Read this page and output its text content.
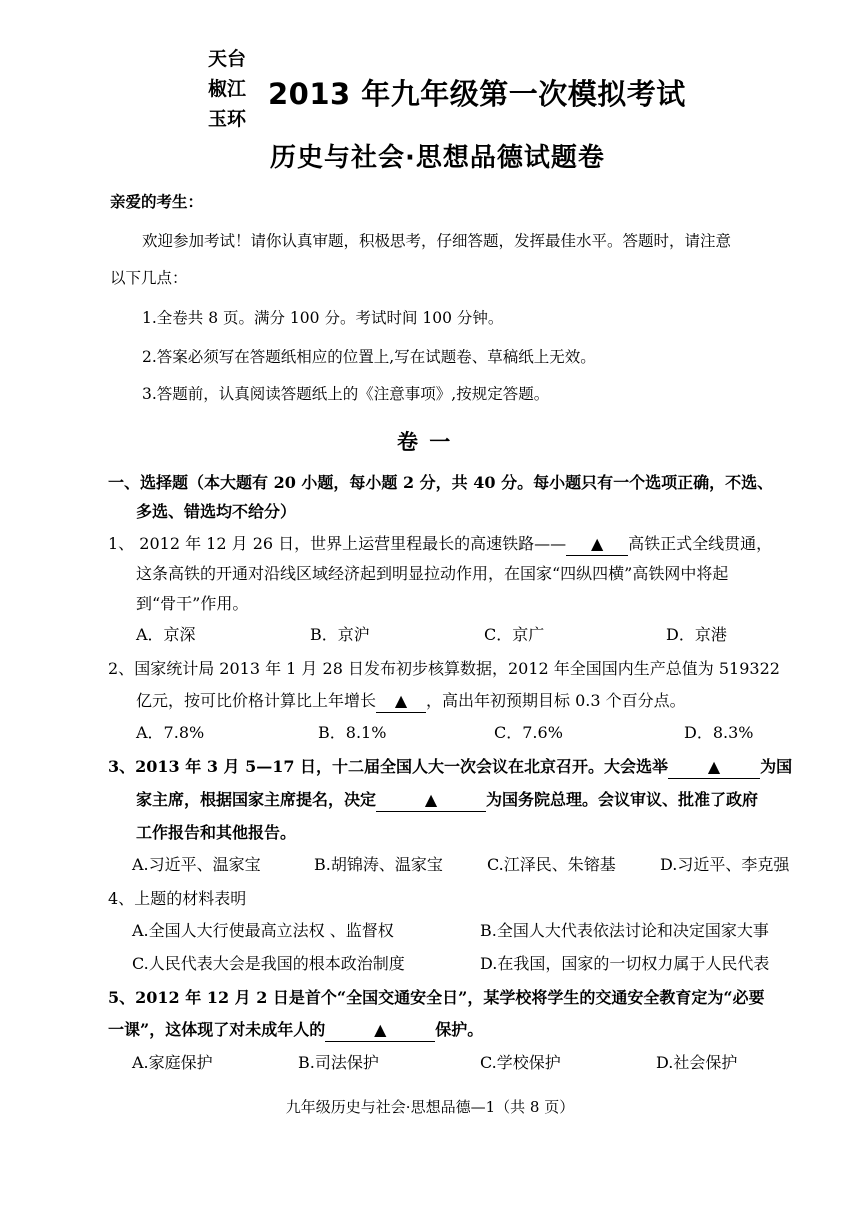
天台
椒江
玉环
2013 年九年级第一次模拟考试
历史与社会·思想品德试题卷
亲爱的考生：
欢迎参加考试！请你认真审题，积极思考，仔细答题，发挥最佳水平。答题时，请注意
以下几点：
1.全卷共 8 页。满分 100 分。考试时间 100 分钟。
2.答案必须写在答题纸相应的位置上,写在试题卷、草稿纸上无效。
3.答题前，认真阅读答题纸上的《注意事项》,按规定答题。
卷 一
一、选择题（本大题有 20 小题，每小题 2 分，共 40 分。每小题只有一个选项正确，不选、
多选、错选均不给分）
1、 2012 年 12 月 26 日，世界上运营里程最长的高速铁路—— ▲ 高铁正式全线贯通，
这条高铁的开通对沿线区域经济起到明显拉动作用，在国家“四纵四横”高铁网中将起
到“骨干”作用。
A．京深	B．京沪	C．京广	D．京港
2、国家统计局 2013 年 1 月 28 日发布初步核算数据，2012 年全国国内生产总值为 519322
亿元，按可比价格计算比上年增长 ▲ ，高出年初预期目标 0.3 个百分点。
A．7.8%	B．8.1%	C．7.6%	D．8.3%
3、2013 年 3 月 5—17 日，十二届全国人大一次会议在北京召开。大会选举 ▲ 为国
家主席，根据国家主席提名，决定	▲	为国务院总理。会议审议、批准了政府
工作报告和其他报告。
A.习近平、温家宝	B.胡锦涛、温家宝	C.江泽民、朱镕基	D.习近平、李克强
4、上题的材料表明
A.全国人大行使最高立法权 、监督权	B.全国人大代表依法讨论和决定国家大事
C.人民代表大会是我国的根本政治制度	D.在我国，国家的一切权力属于人民代表
5、2012 年 12 月 2 日是首个“全国交通安全日”，某学校将学生的交通安全教育定为“必要
一课”，这体现了对未成年人的	▲	保护。
A.家庭保护	B.司法保护	C.学校保护	D.社会保护
九年级历史与社会·思想品德—1（共 8 页）
